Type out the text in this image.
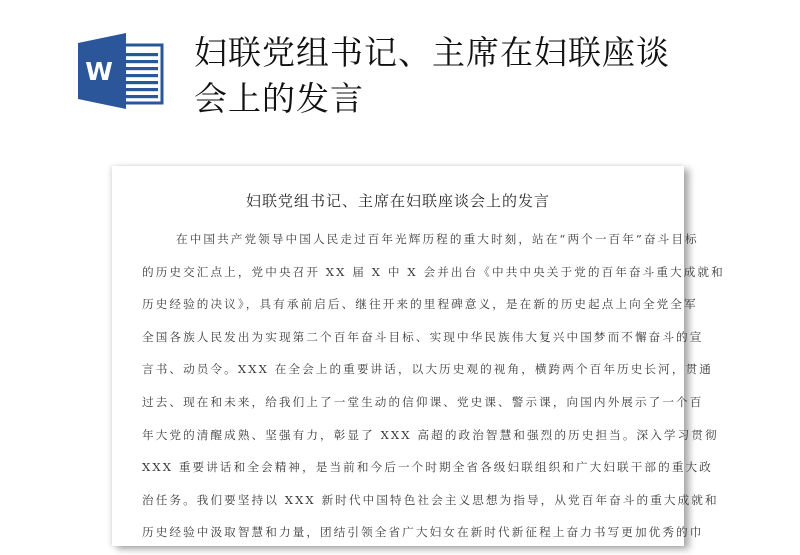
W 妇联党组书记、主席在妇联座谈
会上的发言
妇联党组书记、主席在妇联座谈会上的发言
在中国共产党领导中国人民走过百年光辉历程的重大时刻，站在“两个一百年”奋斗目标
的历史交汇点上，党中央召开 XX 届 X 中 X 会并出台《中共中央关于党的百年奋斗重大成就和
历史经验的决议》，具有承前启后、继往开来的里程碑意义，是在新的历史起点上向全党全军
全国各族人民发出为实现第二个百年奋斗目标、实现中华民族伟大复兴中国梦而不懈奋斗的宣
言书、动员令。XXX 在全会上的重要讲话，以大历史观的视角，横跨两个百年历史长河，贯通
过去、现在和未来，给我们上了一堂生动的信仰课、党史课、警示课，向国内外展示了一个百
年大党的清醒成熟、坚强有力，彰显了 XXX 高超的政治智慧和强烈的历史担当。深入学习贯彻
XXX 重要讲话和全会精神，是当前和今后一个时期全省各级妇联组织和广大妇联干部的重大政
治任务。我们要坚持以 XXX 新时代中国特色社会主义思想为指导，从党百年奋斗的重大成就和
历史经验中汲取智慧和力量，团结引领全省广大妇女在新时代新征程上奋力书写更加优秀的巾
